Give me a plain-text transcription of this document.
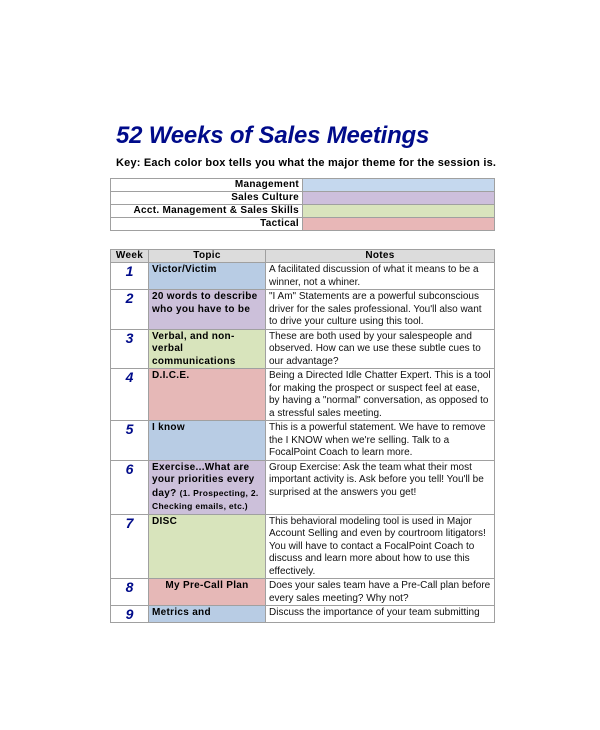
52 Weeks of Sales Meetings
Key: Each color box tells you what the major theme for the session is.
Management	
Sales Culture	
Acct. Management & Sales Skills	
Tactical	
Week	Topic	Notes
1	Victor/Victim	A facilitated discussion of what it means to be a winner, not a whiner.
2	20 words to describe who you have to be	"I Am" Statements are a powerful subconscious driver for the sales professional. You'll also want to drive your culture using this tool.
3	Verbal, and non-verbal communications	These are both used by your salespeople and observed. How can we use these subtle cues to our advantage?
4	D.I.C.E.	Being a Directed Idle Chatter Expert. This is a tool for making the prospect or suspect feel at ease, by having a "normal" conversation, as opposed to a stressful sales meeting.
5	I know	This is a powerful statement. We have to remove the I KNOW when we're selling. Talk to a FocalPoint Coach to learn more.
6	Exercise...What are your priorities every day? (1. Prospecting, 2. Checking emails, etc.)	Group Exercise: Ask the team what their most important activity is. Ask before you tell! You'll be surprised at the answers you get!
7	DISC	This behavioral modeling tool is used in Major Account Selling and even by courtroom litigators! You will have to contact a FocalPoint Coach to discuss and learn more about how to use this effectively.
8	My Pre-Call Plan	Does your sales team have a Pre-Call plan before every sales meeting? Why not?
9	Metrics and	Discuss the importance of your team submitting
